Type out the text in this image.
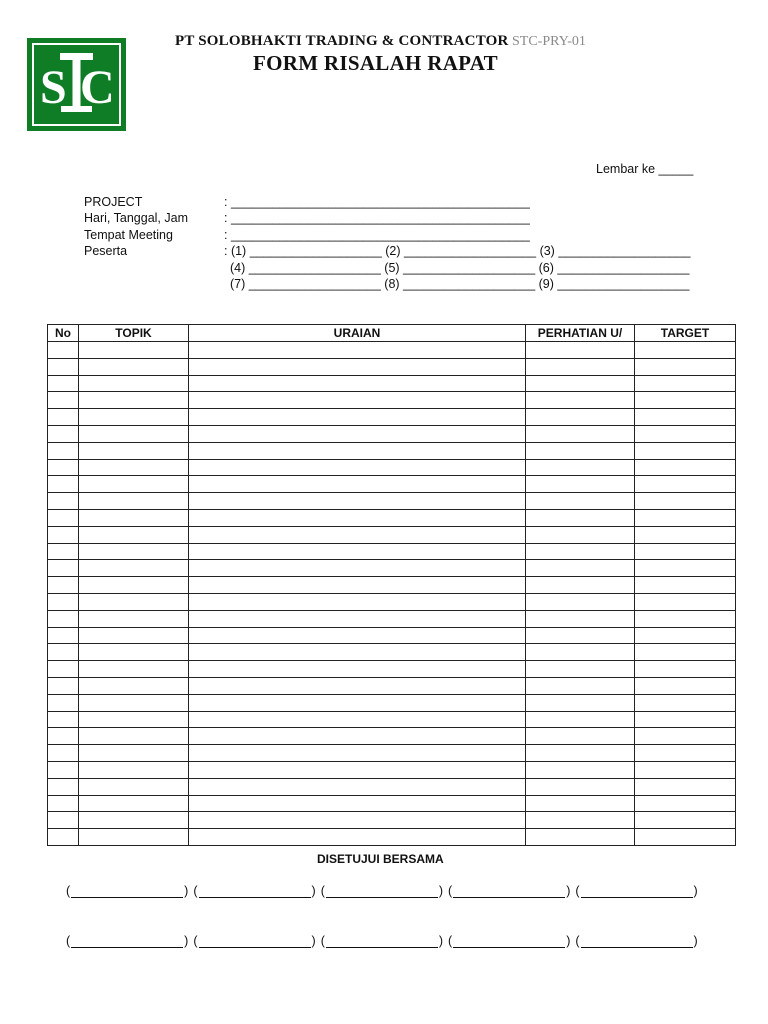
S C
PT SOLOBHAKTI TRADING & CONTRACTOR STC-PRY-01
FORM RISALAH RAPAT
Lembar ke _____
PROJECT	: ___________________________________________
Hari, Tanggal, Jam	: ___________________________________________
Tempat Meeting	: ___________________________________________
Peserta	: (1) ___________________ (2) ___________________ (3) ___________________
(4) ___________________ (5) ___________________ (6) ___________________
(7) ___________________ (8) ___________________ (9) ___________________
No	TOPIK	URAIAN	PERHATIAN U/	TARGET

DISETUJUI BERSAMA
(	) (	) (	) (	) (	)
(	) (	) (	) (	) (	)
